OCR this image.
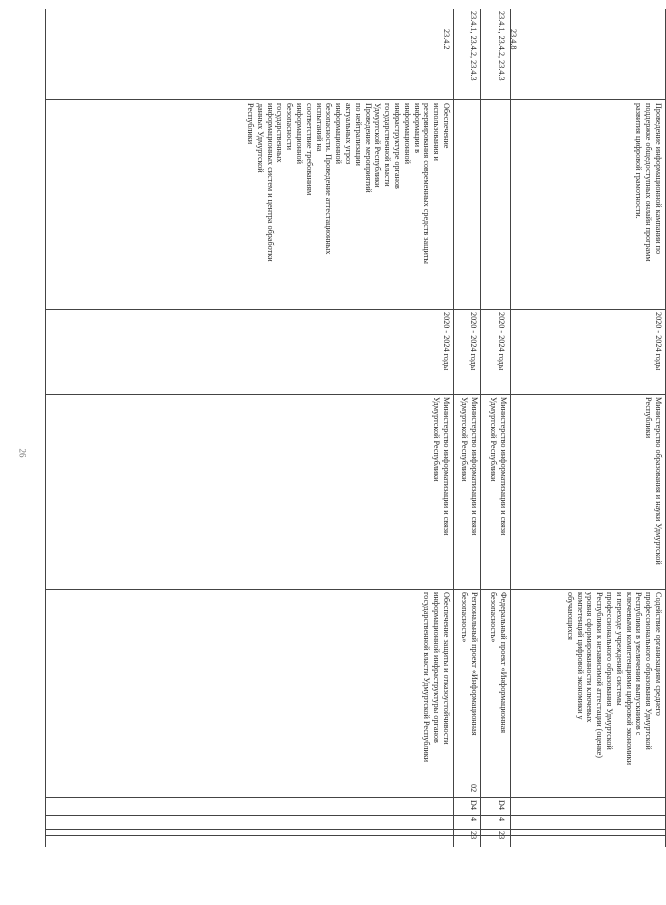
26
23.4.8
Проведение информационной кампании по
поддержке общедоступных онлайн программ
развития цифровой грамотности.
2020 - 2024 годы
Министерство образования и науки Удмуртской
Республики
Содействие организациям среднего
профессионального образования Удмуртской
Республики в увеличении выпускников с
ключевыми компетенциями цифровой экономики
и переходе учреждений системы
профессионального образования Удмуртской
Республики к независимой аттестации (оценке)
уровня сформированности ключевых
компетенций цифровой экономики у
обучающихся
23.4.1, 23.4.2, 23.4.3
2020 - 2024 годы
Министерство информатизации и связи
Удмуртской Республики
Федеральный проект «Информационная
безопасность»
D4
4
23
23.4.1, 23.4.2, 23.4.3
2020 - 2024 годы
Министерство информатизации и связи
Удмуртской Республики
Региональный проект «Информационная
безопасность»
02
D4
4
23
23.4.2
Обеспечение
использования и
резервирования современных средств защиты
информации в
информационной
инфраструктуре органов
государственной власти
Удмуртской Республики
Проведение мероприятий
по нейтрализации
актуальных угроз
информационной
безопасности. Проведение аттестационных
испытаний на
соответствие требованиям
информационной
безопасности
государственных
информационных систем и центра обработки
данных Удмуртской
Республики
2020 - 2024 годы
Министерство информатизации и связи
Удмуртской Республики
Обеспечение защиты и отказоустойчивости
информационной инфраструктуры органов
государственной власти Удмуртской Республики
